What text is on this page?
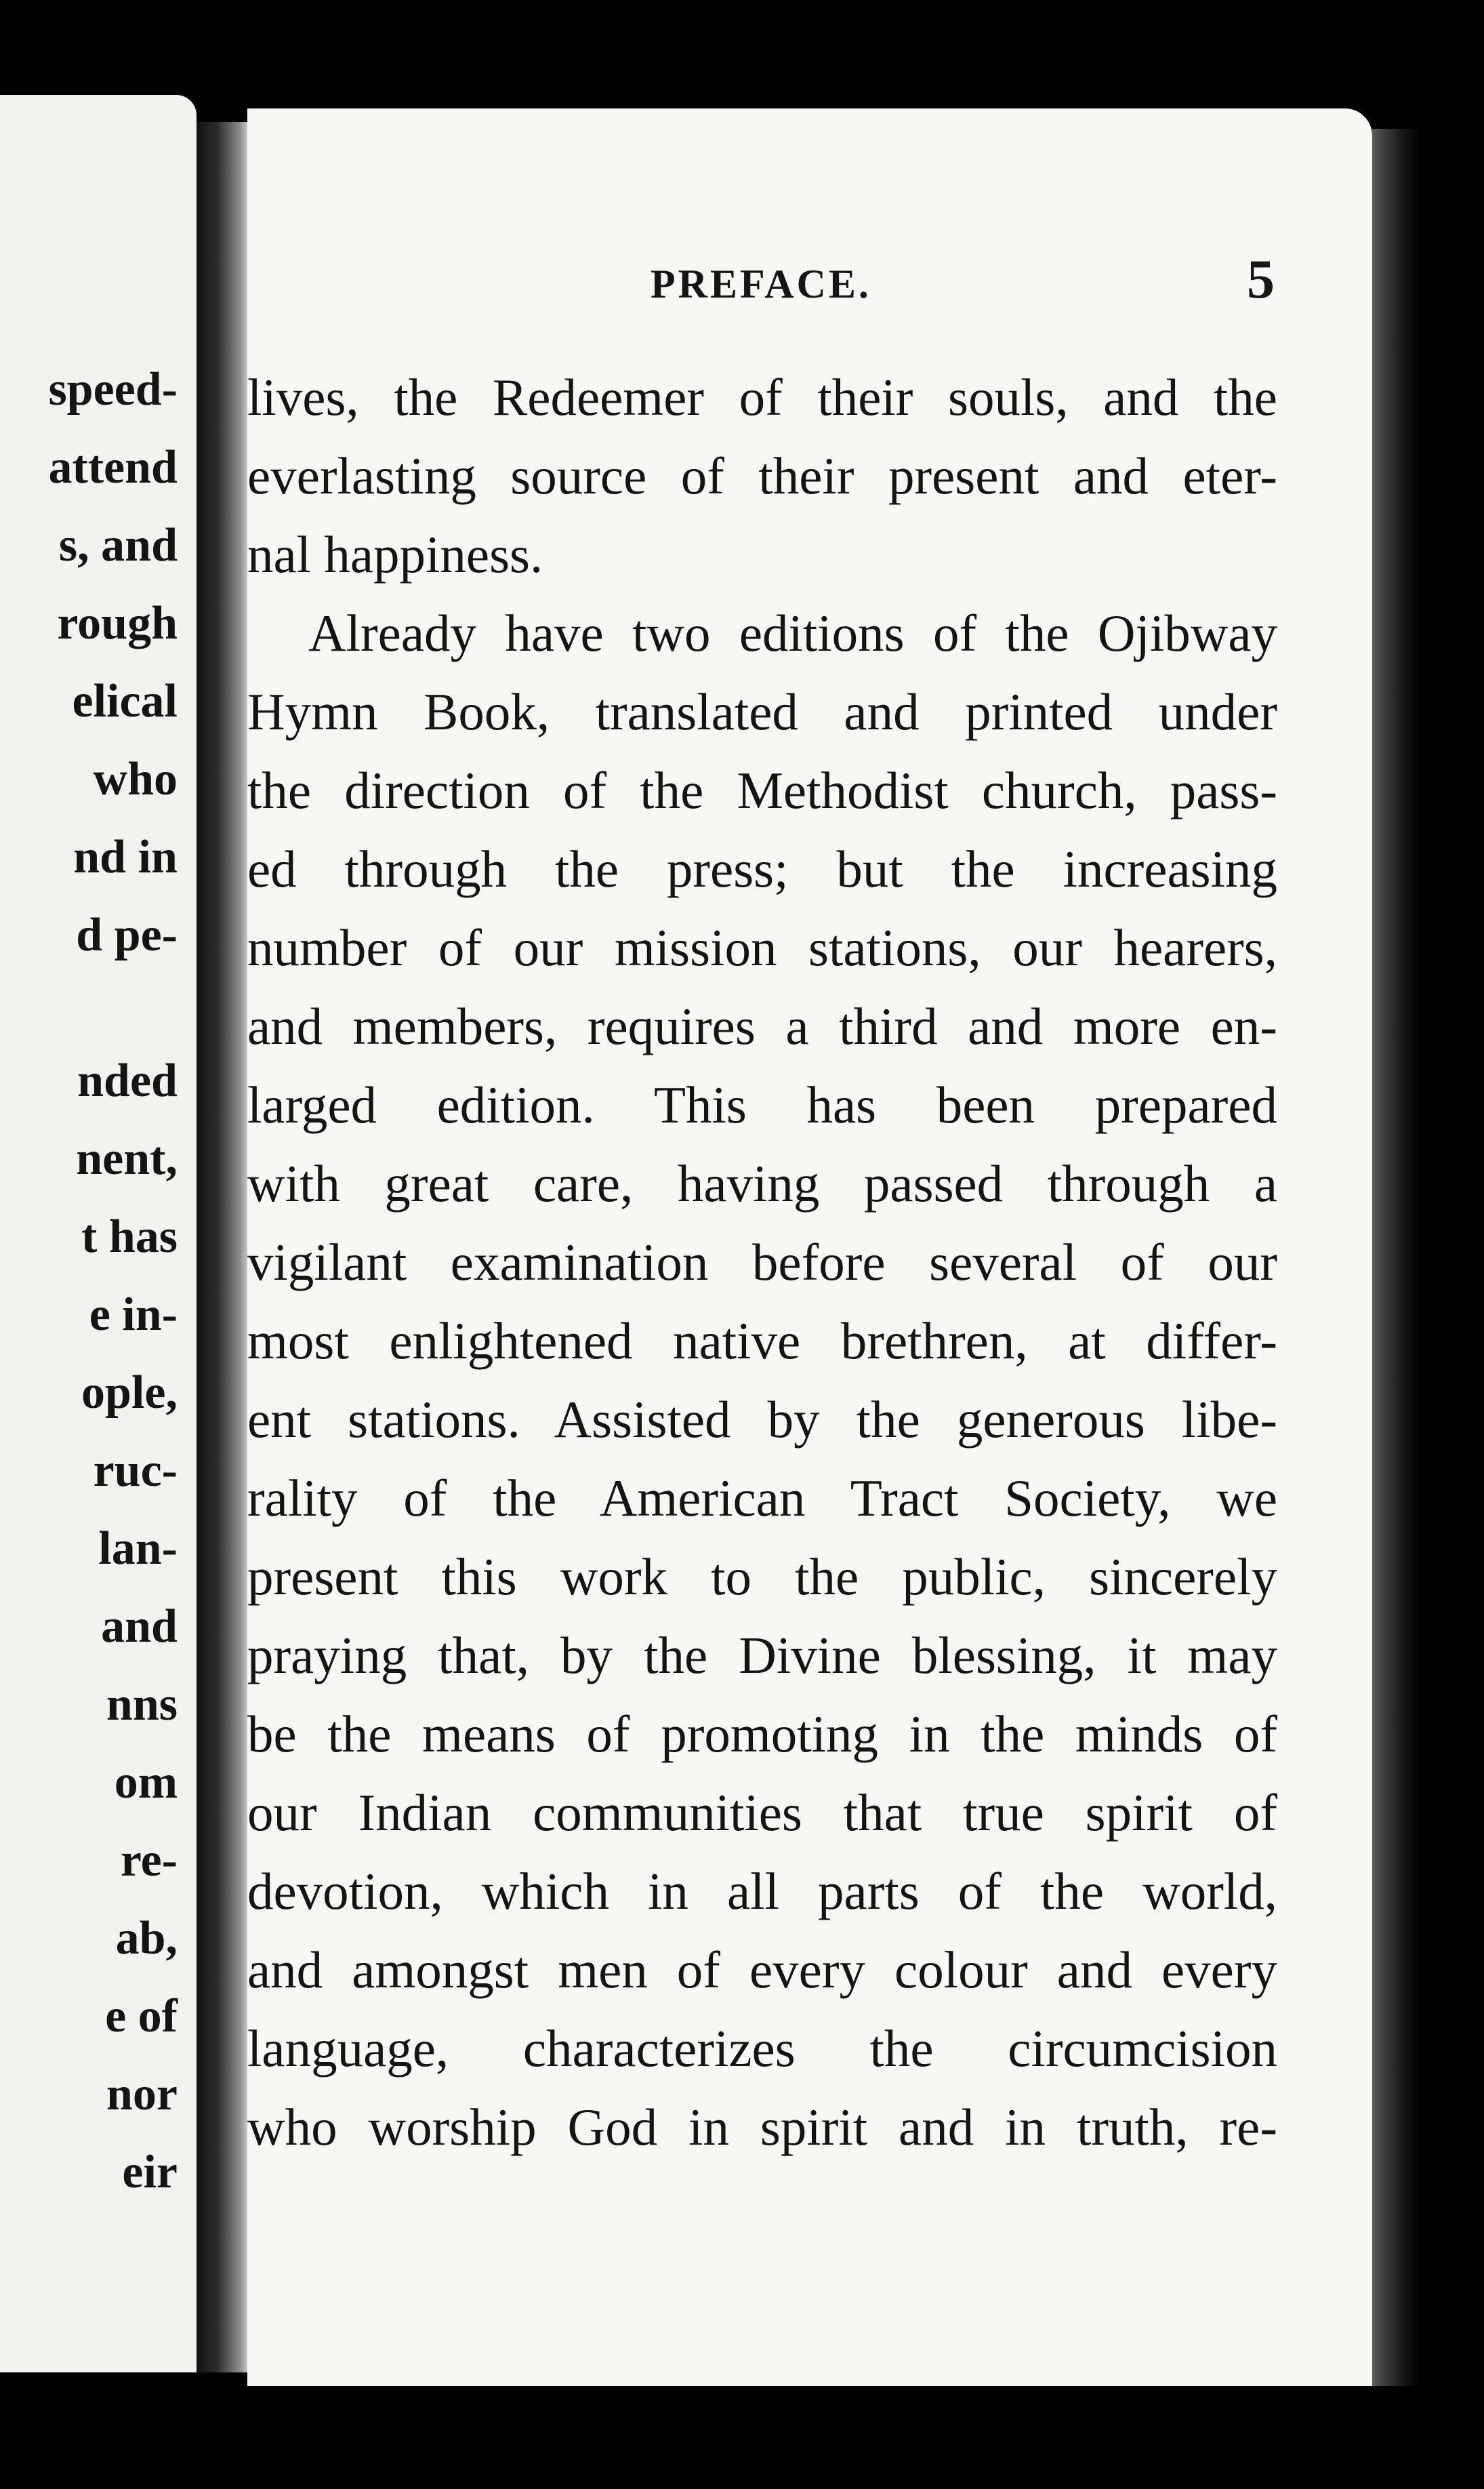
speed-
attend
s, and
rough
elical
who
nd in
d pe-
nded
nent,
t has
e in-
ople,
ruc-
lan-
and
nns
om
re-
ab,
e of
nor
eir
PREFACE.	5
lives, the Redeemer of their souls, and the
everlasting source of their present and eter-
nal happiness.
Already have two editions of the Ojibway
Hymn Book, translated and printed under
the direction of the Methodist church, pass-
ed through the press; but the increasing
number of our mission stations, our hearers,
and members, requires a third and more en-
larged edition. This has been prepared
with great care, having passed through a
vigilant examination before several of our
most enlightened native brethren, at differ-
ent stations. Assisted by the generous libe-
rality of the American Tract Society, we
present this work to the public, sincerely
praying that, by the Divine blessing, it may
be the means of promoting in the minds of
our Indian communities that true spirit of
devotion, which in all parts of the world,
and amongst men of every colour and every
language, characterizes the circumcision
who worship God in spirit and in truth, re-
